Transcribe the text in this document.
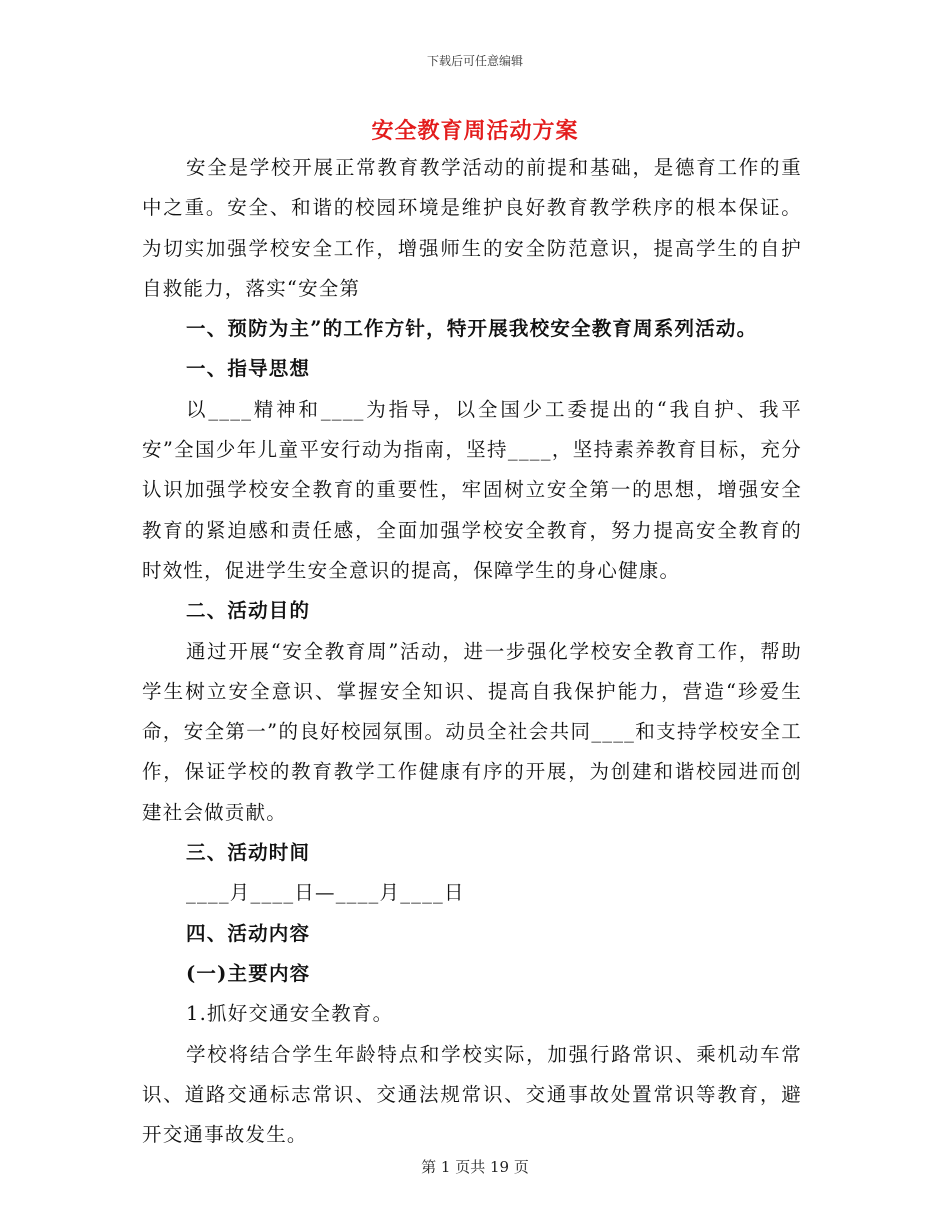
下载后可任意编辑
安全教育周活动方案

安全是学校开展正常教育教学活动的前提和基础，是德育工作的重中之重。安全、和谐的校园环境是维护良好教育教学秩序的根本保证。为切实加强学校安全工作，增强师生的安全防范意识，提高学生的自护自救能力，落实“安全第

一、预防为主”的工作方针，特开展我校安全教育周系列活动。

一、指导思想

以____精神和____为指导，以全国少工委提出的“我自护、我平安”全国少年儿童平安行动为指南，坚持____，坚持素养教育目标，充分认识加强学校安全教育的重要性，牢固树立安全第一的思想，增强安全教育的紧迫感和责任感，全面加强学校安全教育，努力提高安全教育的时效性，促进学生安全意识的提高，保障学生的身心健康。

二、活动目的

通过开展“安全教育周”活动，进一步强化学校安全教育工作，帮助学生树立安全意识、掌握安全知识、提高自我保护能力，营造“珍爱生命，安全第一”的良好校园氛围。动员全社会共同____和支持学校安全工作，保证学校的教育教学工作健康有序的开展，为创建和谐校园进而创建社会做贡献。

三、活动时间

____月____日—____月____日

四、活动内容

(一)主要内容

1.抓好交通安全教育。

学校将结合学生年龄特点和学校实际，加强行路常识、乘机动车常识、道路交通标志常识、交通法规常识、交通事故处置常识等教育，避开交通事故发生。

第 1 页共 19 页
